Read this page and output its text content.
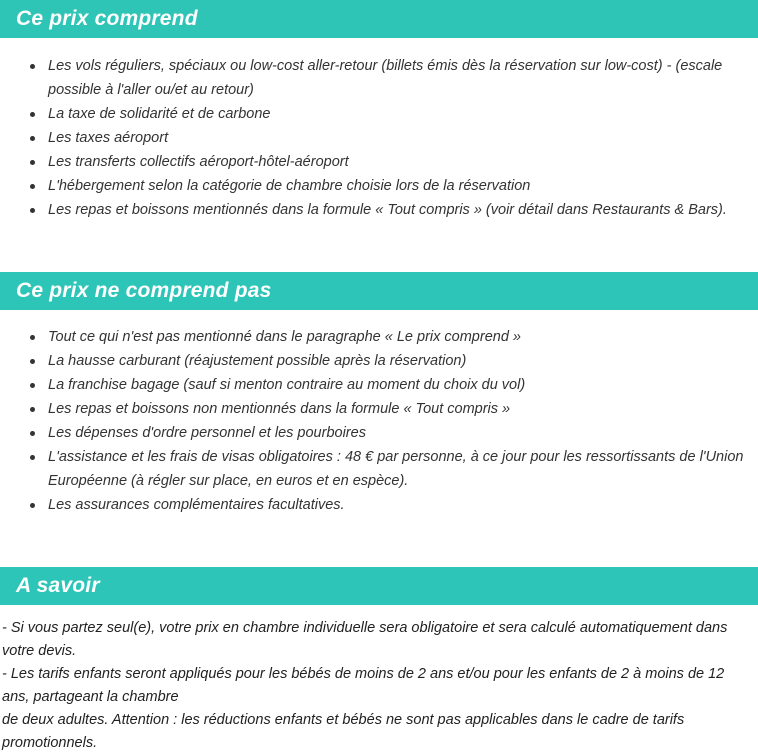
Ce prix comprend
Les vols réguliers, spéciaux ou low-cost aller-retour (billets émis dès la réservation sur low-cost) - (escale possible à l'aller ou/et au retour)
La taxe de solidarité et de carbone
Les taxes aéroport
Les transferts collectifs aéroport-hôtel-aéroport
L'hébergement selon la catégorie de chambre choisie lors de la réservation
Les repas et boissons mentionnés dans la formule « Tout compris » (voir détail dans Restaurants & Bars).
Ce prix ne comprend pas
Tout ce qui n'est pas mentionné dans le paragraphe « Le prix comprend »
La hausse carburant (réajustement possible après la réservation)
La franchise bagage (sauf si menton contraire au moment du choix du vol)
Les repas et boissons non mentionnés dans la formule « Tout compris »
Les dépenses d'ordre personnel et les pourboires
L'assistance et les frais de visas obligatoires : 48 € par personne, à ce jour pour les ressortissants de l'Union Européenne (à régler sur place, en euros et en espèce).
Les assurances complémentaires facultatives.
A savoir

- Si vous partez seul(e), votre prix en chambre individuelle sera obligatoire et sera calculé automatiquement dans votre devis.

- Les tarifs enfants seront appliqués pour les bébés de moins de 2 ans et/ou pour les enfants de 2 à moins de 12 ans, partageant la chambre

de deux adultes. Attention : les réductions enfants et bébés ne sont pas applicables dans le cadre de tarifs promotionnels.
